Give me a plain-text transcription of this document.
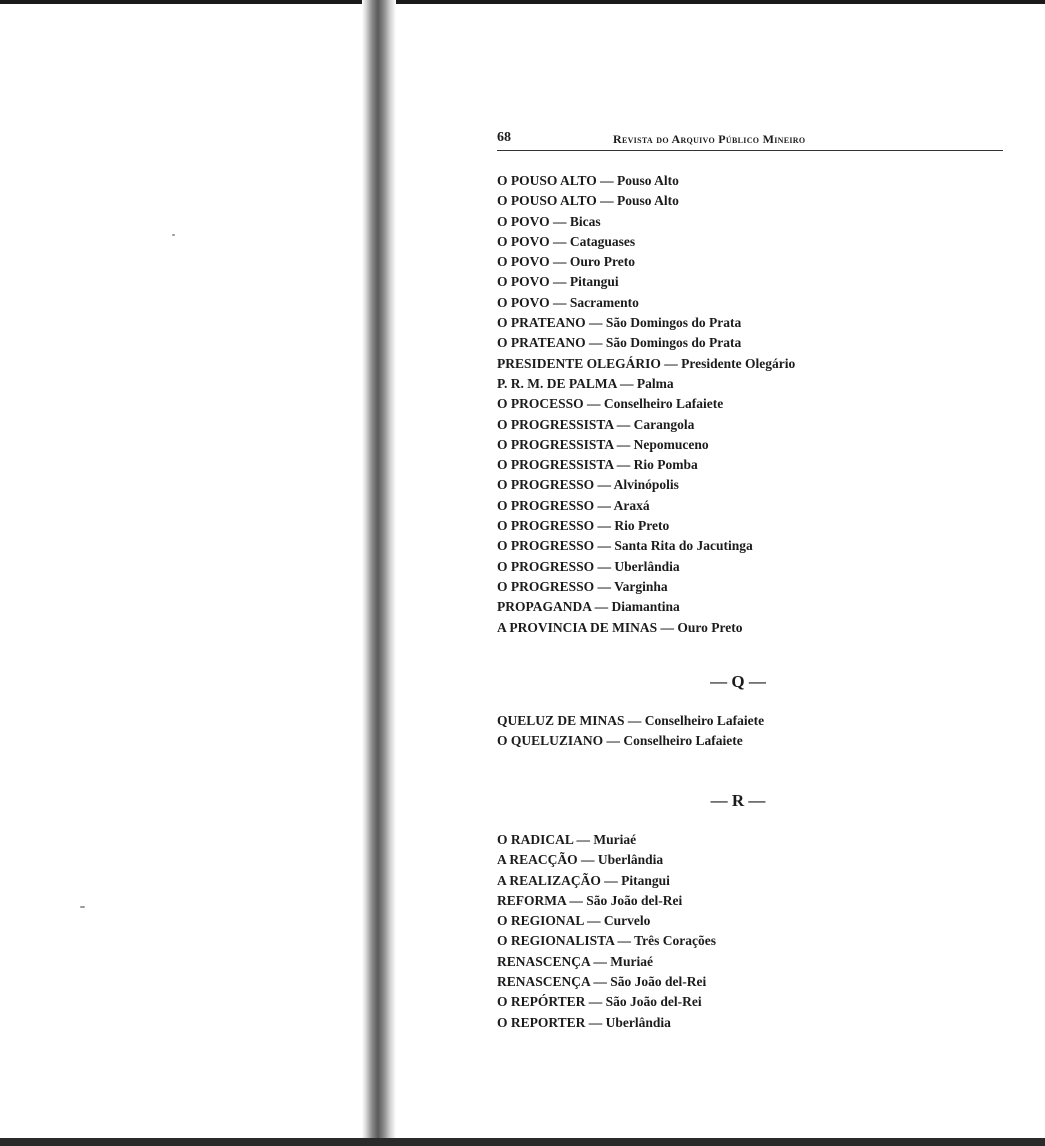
68	Revista do Arquivo Público Mineiro
O POUSO ALTO — Pouso Alto
O POUSO ALTO — Pouso Alto
O POVO — Bicas
O POVO — Cataguases
O POVO — Ouro Preto
O POVO — Pitangui
O POVO — Sacramento
O PRATEANO — São Domingos do Prata
O PRATEANO — São Domingos do Prata
PRESIDENTE OLEGÁRIO — Presidente Olegário
P. R. M. DE PALMA — Palma
O PROCESSO — Conselheiro Lafaiete
O PROGRESSISTA — Carangola
O PROGRESSISTA — Nepomuceno
O PROGRESSISTA — Rio Pomba
O PROGRESSO — Alvinópolis
O PROGRESSO — Araxá
O PROGRESSO — Rio Preto
O PROGRESSO — Santa Rita do Jacutinga
O PROGRESSO — Uberlândia
O PROGRESSO — Varginha
PROPAGANDA — Diamantina
A PROVINCIA DE MINAS — Ouro Preto
— Q —
QUELUZ DE MINAS — Conselheiro Lafaiete
O QUELUZIANO — Conselheiro Lafaiete
— R —
O RADICAL — Muriaé
A REACÇÃO — Uberlândia
A REALIZAÇÃO — Pitangui
REFORMA — São João del-Rei
O REGIONAL — Curvelo
O REGIONALISTA — Três Corações
RENASCENÇA — Muriaé
RENASCENÇA — São João del-Rei
O REPÓRTER — São João del-Rei
O REPORTER — Uberlândia
